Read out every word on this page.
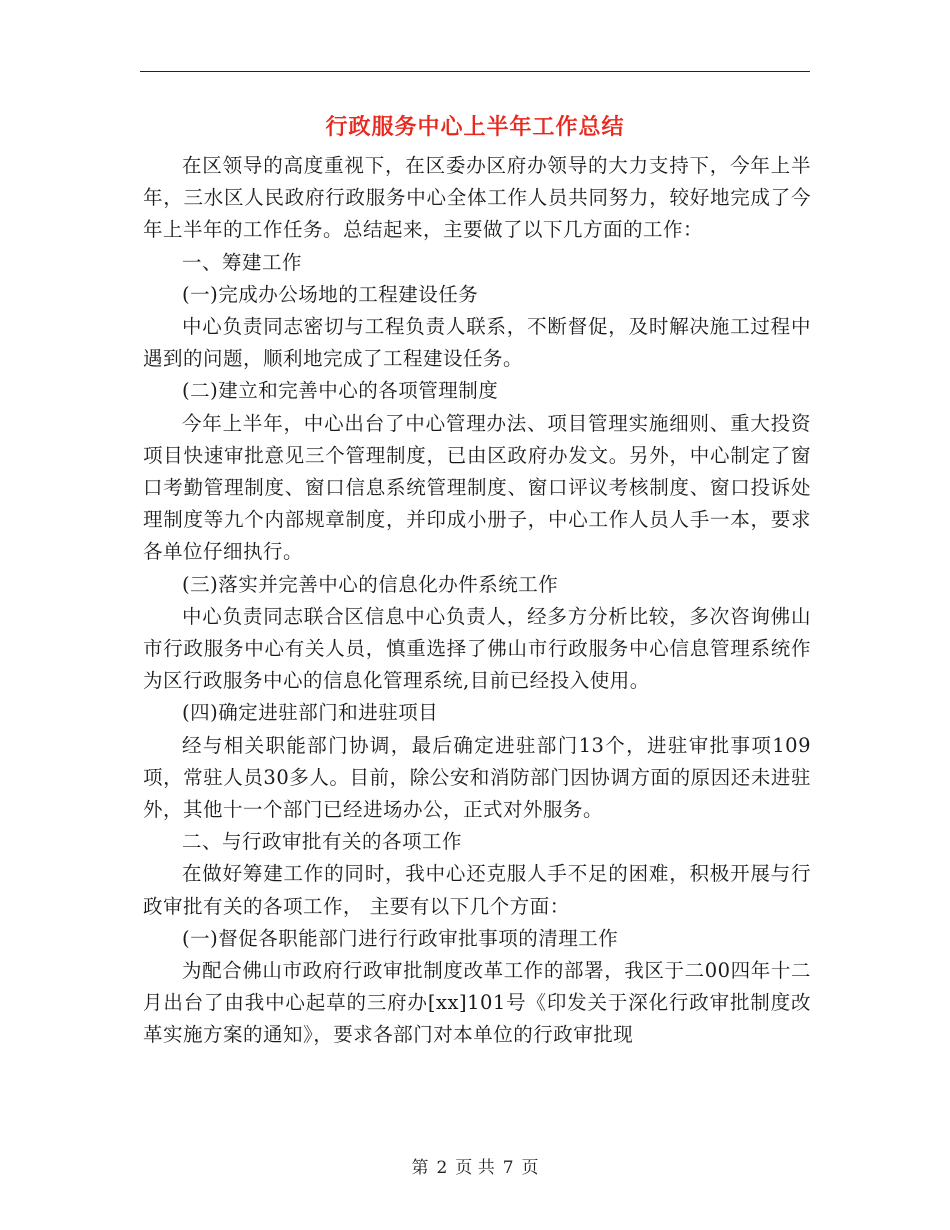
行政服务中心上半年工作总结

在区领导的高度重视下，在区委办区府办领导的大力支持下，今年上半年，三水区人民政府行政服务中心全体工作人员共同努力，较好地完成了今年上半年的工作任务。总结起来，主要做了以下几方面的工作：

一、筹建工作

(一)完成办公场地的工程建设任务

中心负责同志密切与工程负责人联系，不断督促，及时解决施工过程中遇到的问题，顺利地完成了工程建设任务。

(二)建立和完善中心的各项管理制度

今年上半年，中心出台了中心管理办法、项目管理实施细则、重大投资项目快速审批意见三个管理制度，已由区政府办发文。另外，中心制定了窗口考勤管理制度、窗口信息系统管理制度、窗口评议考核制度、窗口投诉处理制度等九个内部规章制度，并印成小册子，中心工作人员人手一本，要求各单位仔细执行。

(三)落实并完善中心的信息化办件系统工作

中心负责同志联合区信息中心负责人，经多方分析比较，多次咨询佛山市行政服务中心有关人员，慎重选择了佛山市行政服务中心信息管理系统作为区行政服务中心的信息化管理系统,目前已经投入使用。

(四)确定进驻部门和进驻项目

经与相关职能部门协调，最后确定进驻部门13个，进驻审批事项109项，常驻人员30多人。目前，除公安和消防部门因协调方面的原因还未进驻外，其他十一个部门已经进场办公，正式对外服务。

二、与行政审批有关的各项工作

在做好筹建工作的同时，我中心还克服人手不足的困难，积极开展与行政审批有关的各项工作， 主要有以下几个方面：

(一)督促各职能部门进行行政审批事项的清理工作

为配合佛山市政府行政审批制度改革工作的部署，我区于二00四年十二月出台了由我中心起草的三府办[xx]101号《印发关于深化行政审批制度改革实施方案的通知》，要求各部门对本单位的行政审批现

第 2 页 共 7 页
